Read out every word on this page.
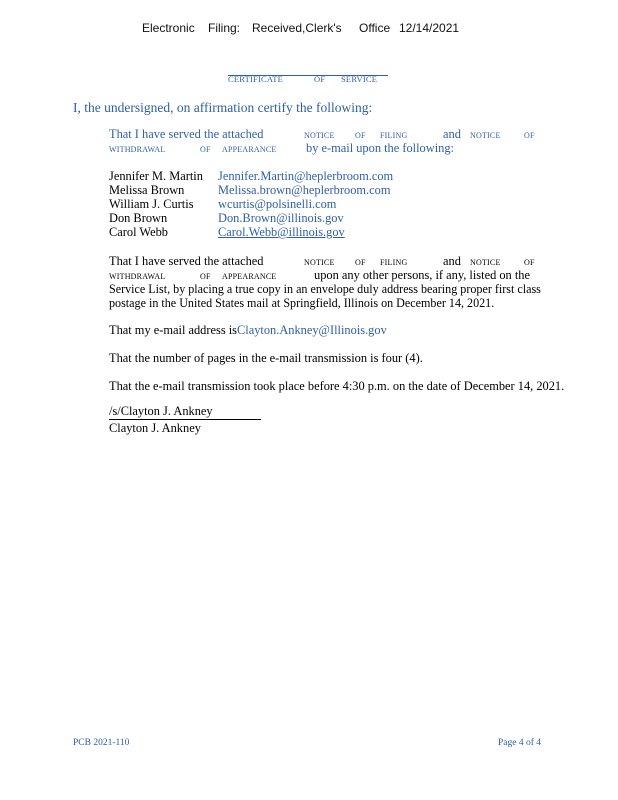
Electronic Filing: Received,Clerk's Office 12/14/2021
CERTIFICATE	OF SERVICE
I, the undersigned, on affirmation certify the following:
That I have served the attached	NOTICE	OF FILING	and NOTICE	OF
WITHDRAWAL	OF APPEARANCE by e-mail upon the following:
Jennifer M. Martin Jennifer.Martin@heplerbroom.com
Melissa Brown	Melissa.brown@heplerbroom.com
William J. Curtis wcurtis@polsinelli.com
Don Brown	Don.Brown@illinois.gov
Carol Webb	Carol.Webb@illinois.gov
That I have served the attached	NOTICE	OF FILING	and NOTICE	OF
WITHDRAWAL	OF APPEARANCE	upon any other persons, if any, listed on the
Service List, by placing a true copy in an envelope duly address bearing proper first class
postage in the United States mail at Springfield, Illinois on December 14, 2021.
That my e-mail address is Clayton.Ankney@Illinois.gov
That the number of pages in the e-mail transmission is four (4).
That the e-mail transmission took place before 4:30 p.m. on the date of December 14, 2021.
/s/Clayton J. Ankney
Clayton J. Ankney
PCB 2021-110	Page 4 of 4
